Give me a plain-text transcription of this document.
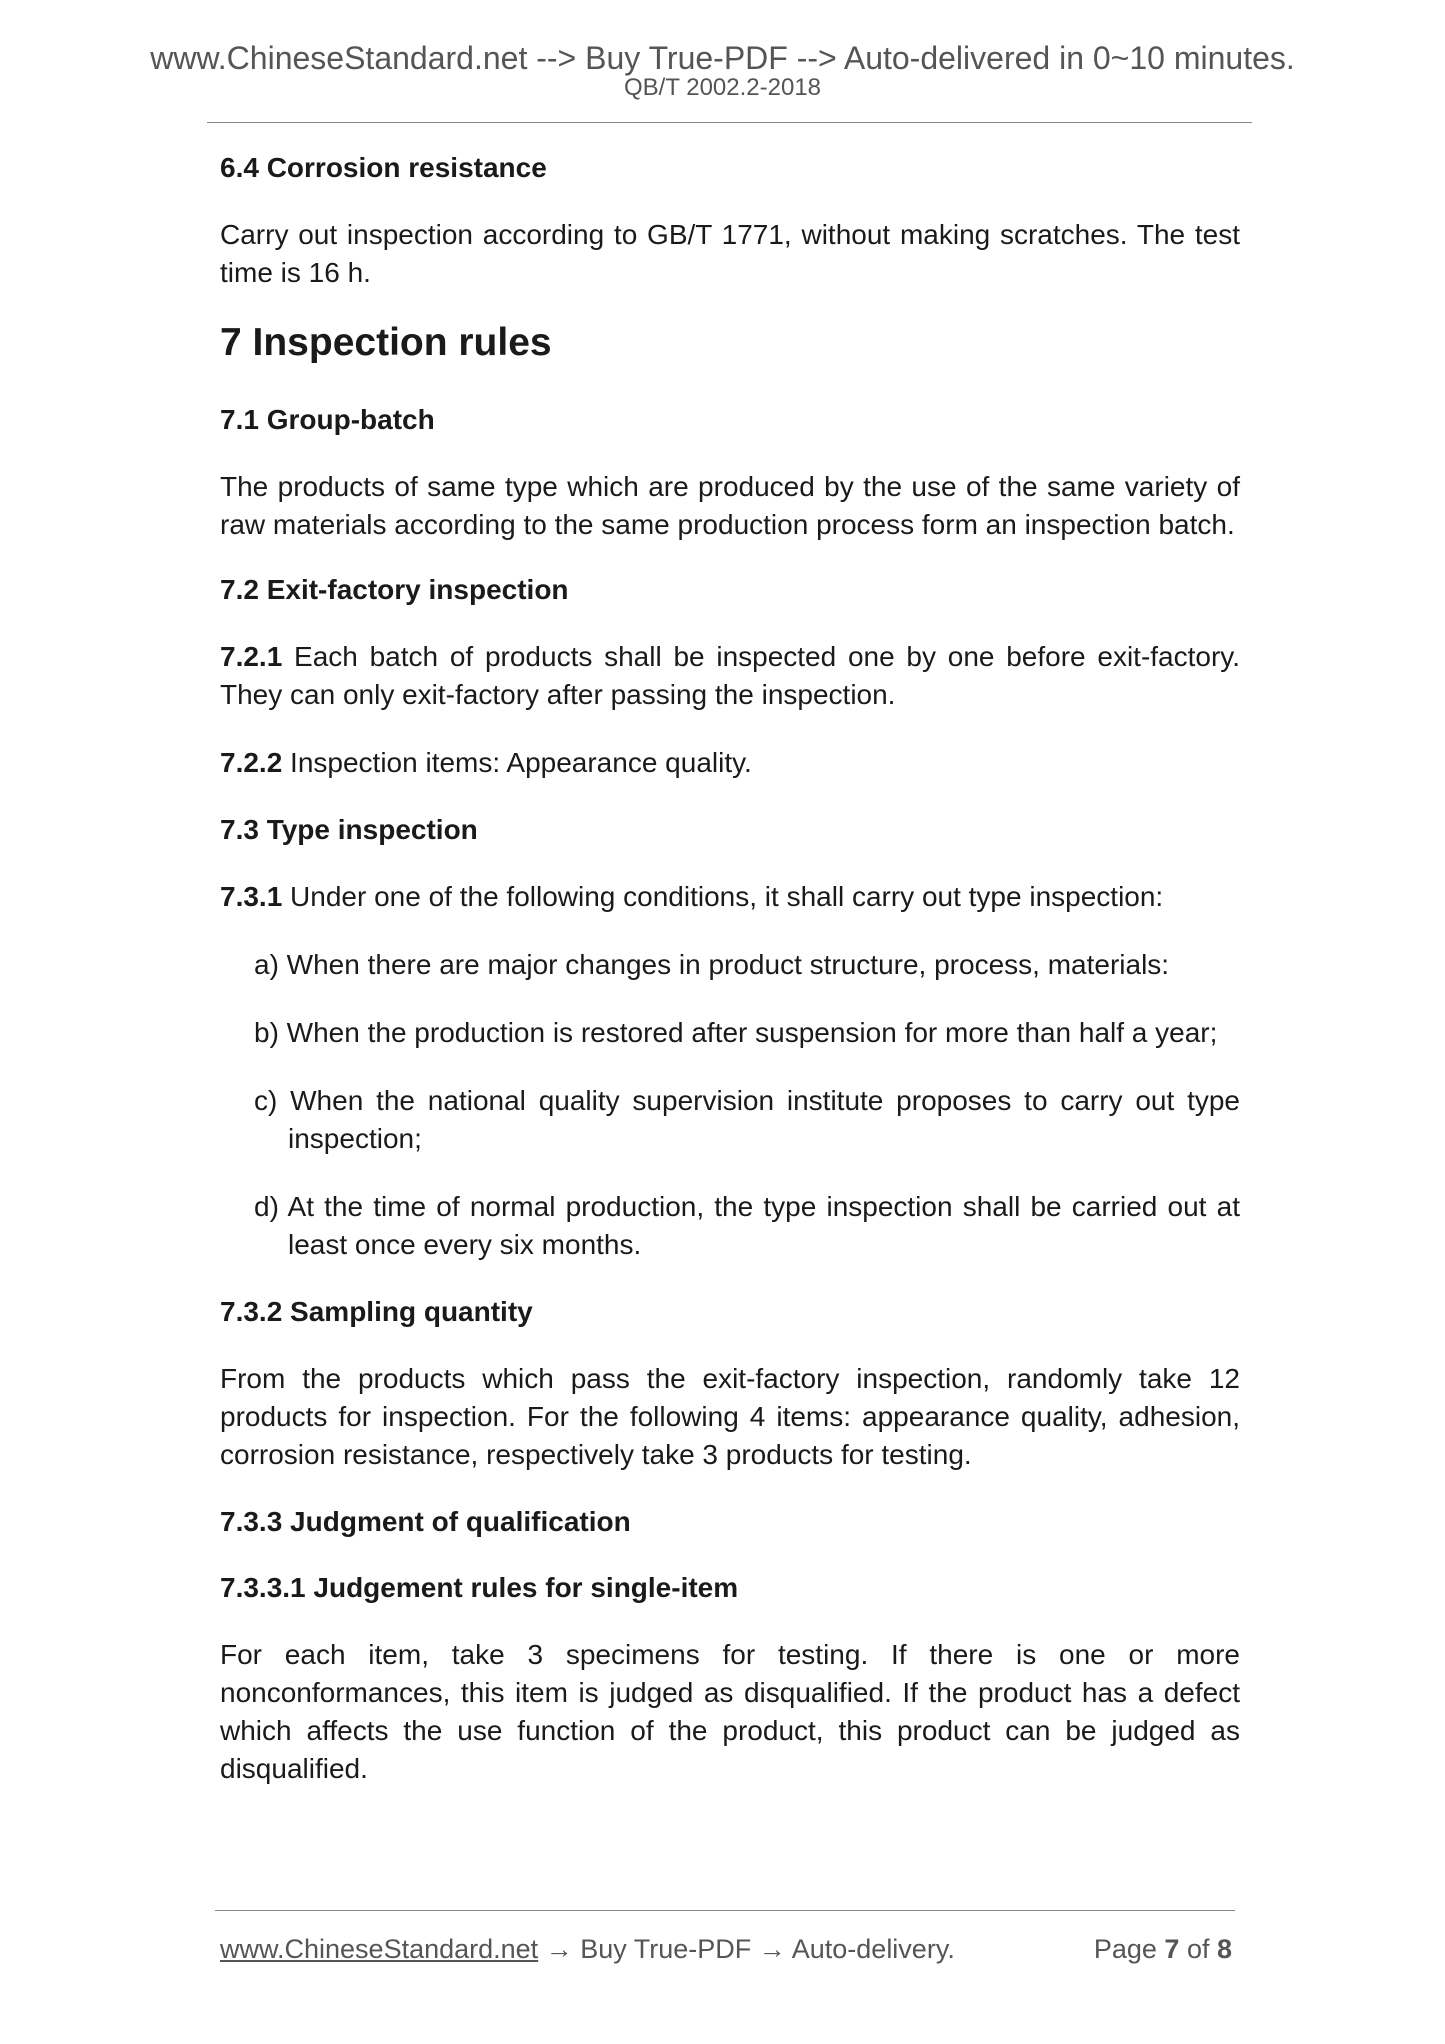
www.ChineseStandard.net --> Buy True-PDF --> Auto-delivered in 0~10 minutes.
QB/T 2002.2-2018

6.4 Corrosion resistance

Carry out inspection according to GB/T 1771, without making scratches. The test time is 16 h.

7 Inspection rules

7.1 Group-batch

The products of same type which are produced by the use of the same variety of raw materials according to the same production process form an inspection batch.

7.2 Exit-factory inspection

7.2.1 Each batch of products shall be inspected one by one before exit-factory. They can only exit-factory after passing the inspection.

7.2.2 Inspection items: Appearance quality.

7.3 Type inspection

7.3.1 Under one of the following conditions, it shall carry out type inspection:

a) When there are major changes in product structure, process, materials:

b) When the production is restored after suspension for more than half a year;

c) When the national quality supervision institute proposes to carry out type inspection;

d) At the time of normal production, the type inspection shall be carried out at least once every six months.

7.3.2 Sampling quantity

From the products which pass the exit-factory inspection, randomly take 12 products for inspection. For the following 4 items: appearance quality, adhesion, corrosion resistance, respectively take 3 products for testing.

7.3.3 Judgment of qualification

7.3.3.1 Judgement rules for single-item

For each item, take 3 specimens for testing. If there is one or more nonconformances, this item is judged as disqualified. If the product has a defect which affects the use function of the product, this product can be judged as disqualified.

www.ChineseStandard.net → Buy True-PDF → Auto-delivery.	Page 7 of 8
